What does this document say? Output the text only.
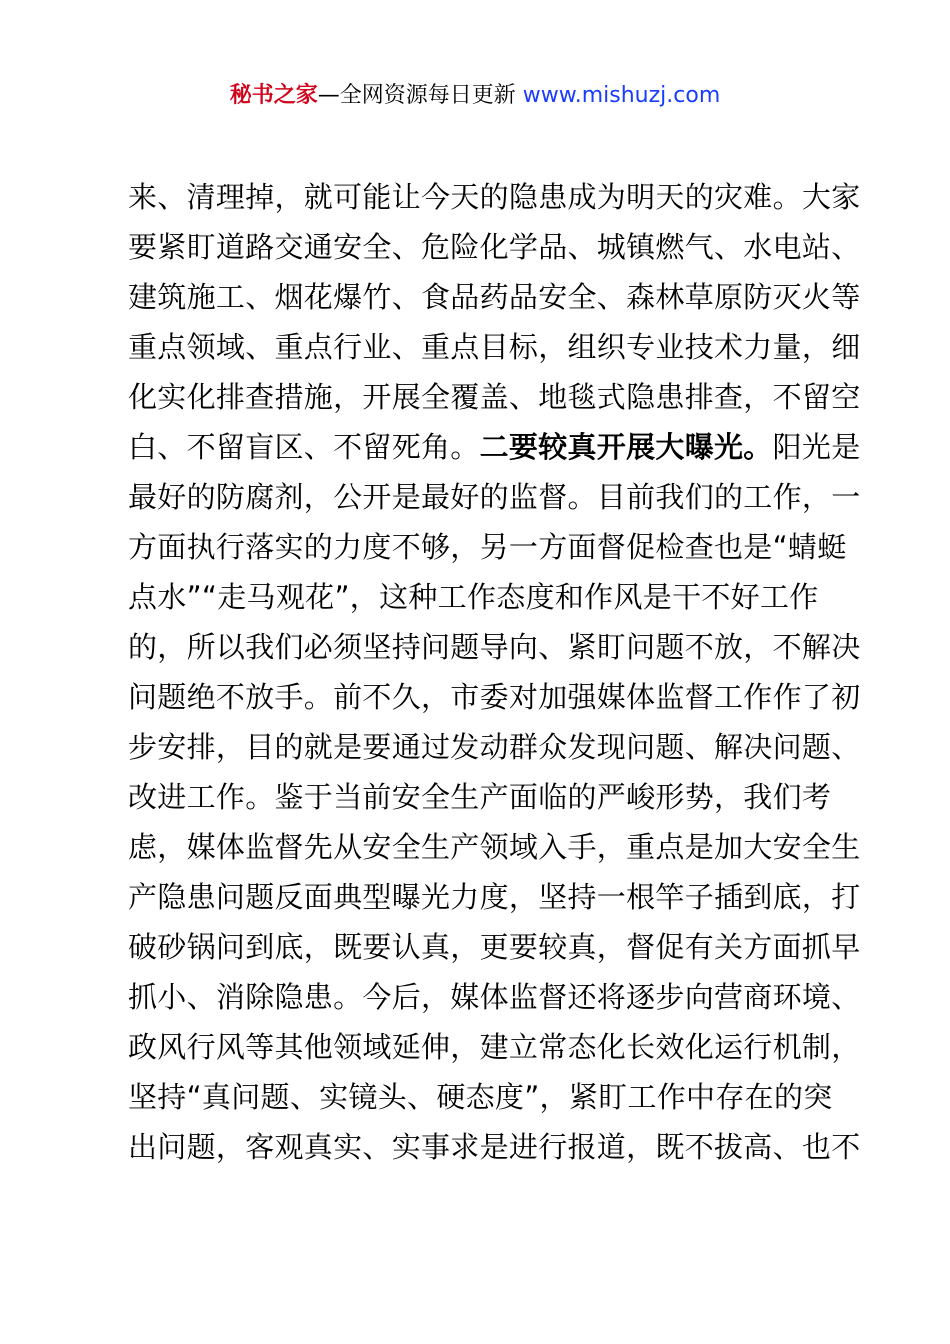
秘书之家—全网资源每日更新 www.mishuzj.com
来、清理掉，就可能让今天的隐患成为明天的灾难。大家
要紧盯道路交通安全、危险化学品、城镇燃气、水电站、
建筑施工、烟花爆竹、食品药品安全、森林草原防灭火等
重点领域、重点行业、重点目标，组织专业技术力量，细
化实化排查措施，开展全覆盖、地毯式隐患排查，不留空
白、不留盲区、不留死角。二要较真开展大曝光。阳光是
最好的防腐剂，公开是最好的监督。目前我们的工作，一
方面执行落实的力度不够，另一方面督促检查也是“蜻蜓
点水”“走马观花”，这种工作态度和作风是干不好工作
的，所以我们必须坚持问题导向、紧盯问题不放，不解决
问题绝不放手。前不久，市委对加强媒体监督工作作了初
步安排，目的就是要通过发动群众发现问题、解决问题、
改进工作。鉴于当前安全生产面临的严峻形势，我们考
虑，媒体监督先从安全生产领域入手，重点是加大安全生
产隐患问题反面典型曝光力度，坚持一根竿子插到底，打
破砂锅问到底，既要认真，更要较真，督促有关方面抓早
抓小、消除隐患。今后，媒体监督还将逐步向营商环境、
政风行风等其他领域延伸，建立常态化长效化运行机制，
坚持“真问题、实镜头、硬态度”，紧盯工作中存在的突
出问题，客观真实、实事求是进行报道，既不拔高、也不
